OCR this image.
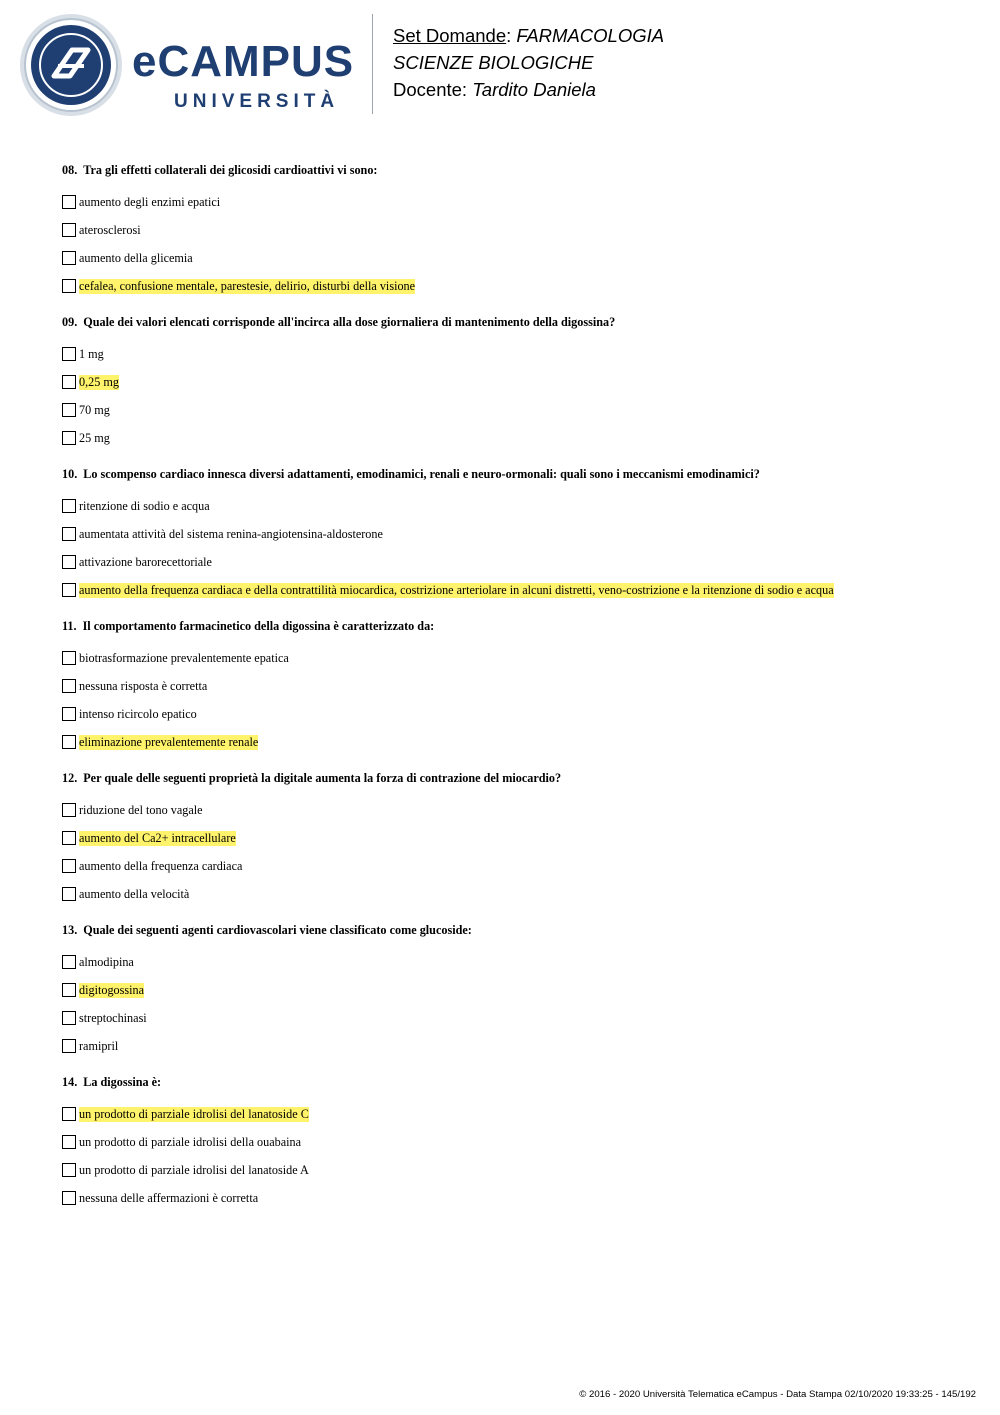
eCAMPUS
UNIVERSITÀ
Set Domande: FARMACOLOGIA
SCIENZE BIOLOGICHE
Docente: Tardito Daniela
08. Tra gli effetti collaterali dei glicosidi cardioattivi vi sono:
aumento degli enzimi epatici
aterosclerosi
aumento della glicemia
cefalea, confusione mentale, parestesie, delirio, disturbi della visione
09. Quale dei valori elencati corrisponde all'incirca alla dose giornaliera di mantenimento della digossina?
1 mg
0,25 mg
70 mg
25 mg
10. Lo scompenso cardiaco innesca diversi adattamenti, emodinamici, renali e neuro-ormonali: quali sono i meccanismi emodinamici?
ritenzione di sodio e acqua
aumentata attività del sistema renina-angiotensina-aldosterone
attivazione barorecettoriale
aumento della frequenza cardiaca e della contrattilità miocardica, costrizione arteriolare in alcuni distretti, veno-costrizione e la ritenzione di sodio e acqua
11. Il comportamento farmacinetico della digossina è caratterizzato da:
biotrasformazione prevalentemente epatica
nessuna risposta è corretta
intenso ricircolo epatico
eliminazione prevalentemente renale
12. Per quale delle seguenti proprietà la digitale aumenta la forza di contrazione del miocardio?
riduzione del tono vagale
aumento del Ca2+ intracellulare
aumento della frequenza cardiaca
aumento della velocità
13. Quale dei seguenti agenti cardiovascolari viene classificato come glucoside:
almodipina
digitogossina
streptochinasi
ramipril
14. La digossina è:
un prodotto di parziale idrolisi del lanatoside C
un prodotto di parziale idrolisi della ouabaina
un prodotto di parziale idrolisi del lanatoside A
nessuna delle affermazioni è corretta
© 2016 - 2020 Università Telematica eCampus - Data Stampa 02/10/2020 19:33:25 - 145/192
